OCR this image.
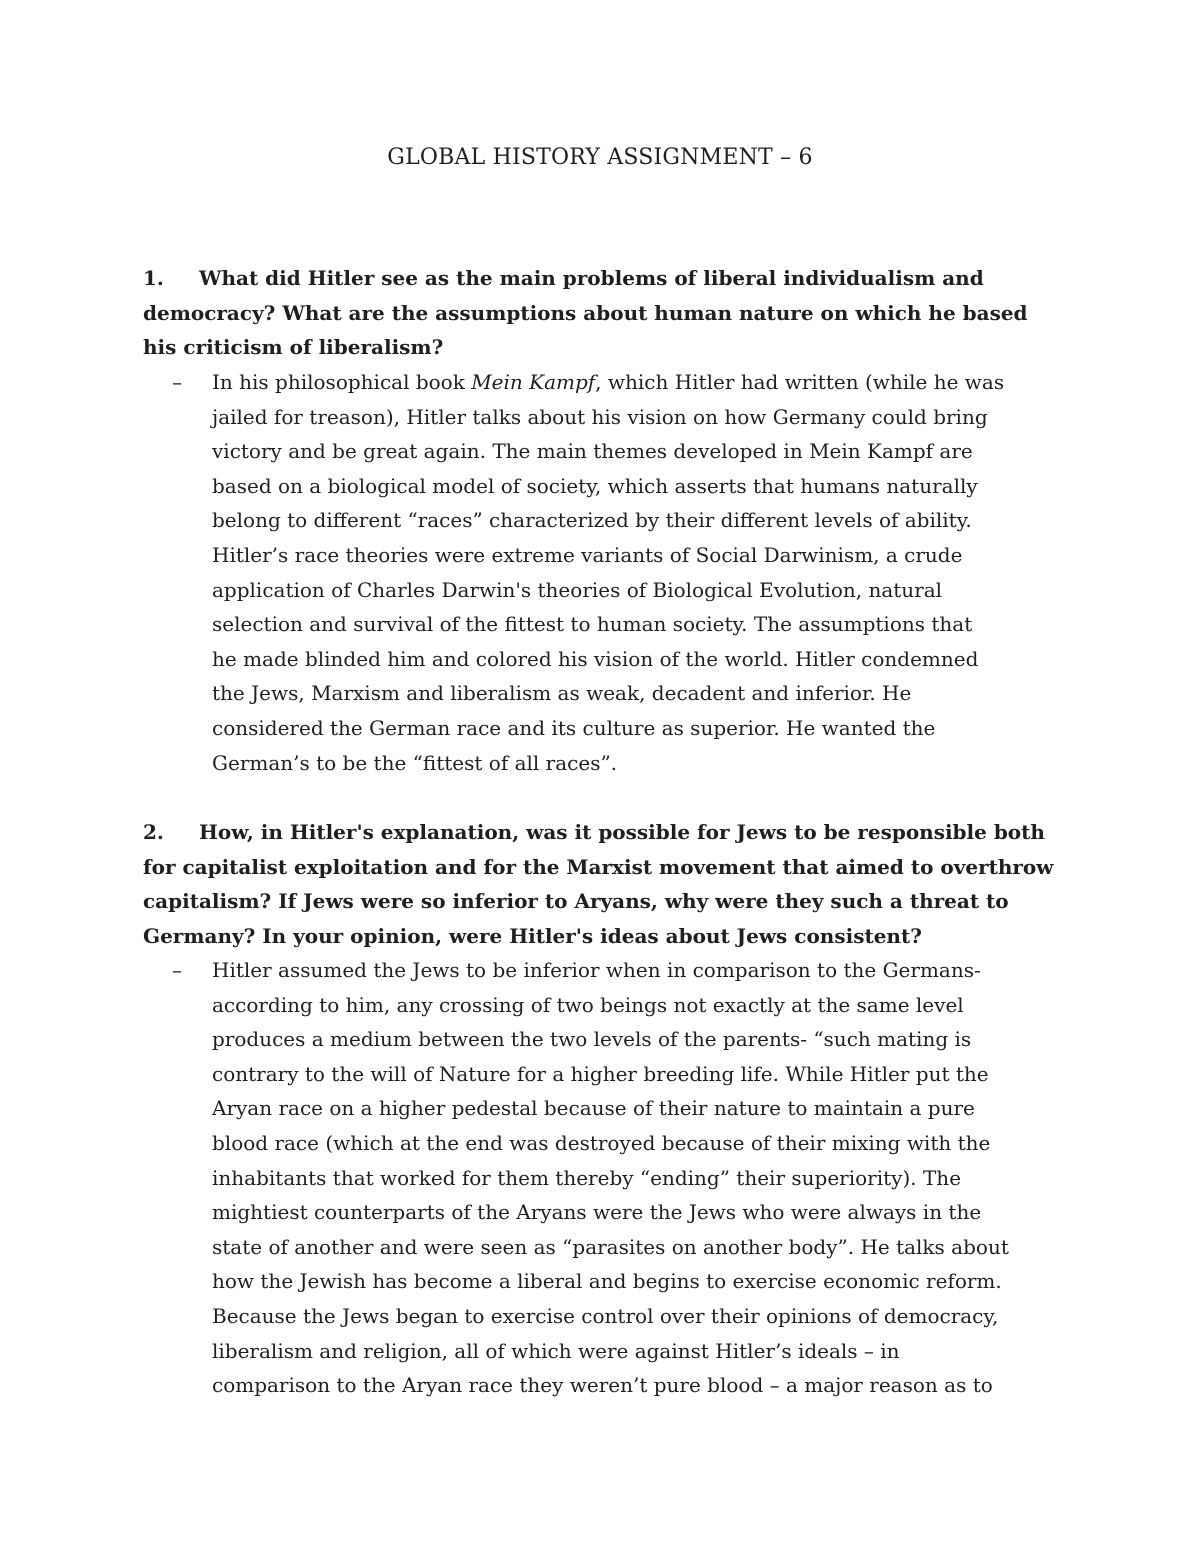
GLOBAL HISTORY ASSIGNMENT – 6
1. What did Hitler see as the main problems of liberal individualism and
democracy? What are the assumptions about human nature on which he based
his criticism of liberalism?
– In his philosophical book Mein Kampf, which Hitler had written (while he was
jailed for treason), Hitler talks about his vision on how Germany could bring
victory and be great again. The main themes developed in Mein Kampf are
based on a biological model of society, which asserts that humans naturally
belong to different “races” characterized by their different levels of ability.
Hitler’s race theories were extreme variants of Social Darwinism, a crude
application of Charles Darwin's theories of Biological Evolution, natural
selection and survival of the fittest to human society. The assumptions that
he made blinded him and colored his vision of the world. Hitler condemned
the Jews, Marxism and liberalism as weak, decadent and inferior. He
considered the German race and its culture as superior. He wanted the
German’s to be the “fittest of all races”.
2. How, in Hitler's explanation, was it possible for Jews to be responsible both
for capitalist exploitation and for the Marxist movement that aimed to overthrow
capitalism? If Jews were so inferior to Aryans, why were they such a threat to
Germany? In your opinion, were Hitler's ideas about Jews consistent?
– Hitler assumed the Jews to be inferior when in comparison to the Germans-
according to him, any crossing of two beings not exactly at the same level
produces a medium between the two levels of the parents- “such mating is
contrary to the will of Nature for a higher breeding life. While Hitler put the
Aryan race on a higher pedestal because of their nature to maintain a pure
blood race (which at the end was destroyed because of their mixing with the
inhabitants that worked for them thereby “ending” their superiority). The
mightiest counterparts of the Aryans were the Jews who were always in the
state of another and were seen as “parasites on another body”. He talks about
how the Jewish has become a liberal and begins to exercise economic reform.
Because the Jews began to exercise control over their opinions of democracy,
liberalism and religion, all of which were against Hitler’s ideals – in
comparison to the Aryan race they weren’t pure blood – a major reason as to
